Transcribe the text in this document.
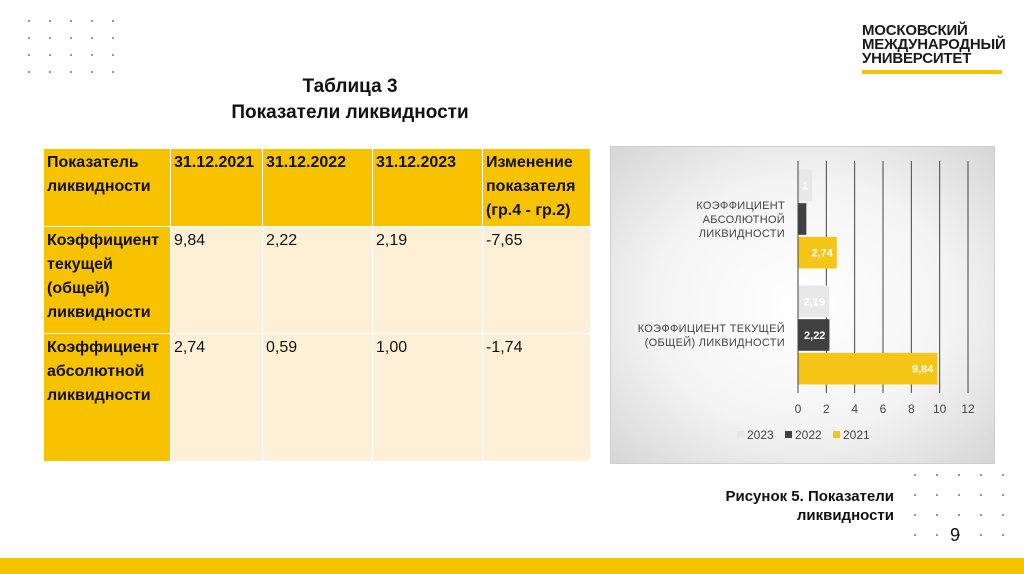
МОСКОВСКИЙ
МЕЖДУНАРОДНЫЙ
УНИВЕРСИТЕТ
Таблица 3
Показатели ликвидности
Показатель ликвидности	31.12.2021	31.12.2022	31.12.2023	Изменение показателя (гр.4 - гр.2)
Коэффициент текущей (общей) ликвидности	9,84	2,22	2,19	-7,65
Коэффициент абсолютной ликвидности	2,74	0,59	1,00	-1,74
0 2 4 6 8 10 12
1
2,74
КОЭФФИЦИЕНТ
АБСОЛЮТНОЙ
ЛИКВИДНОСТИ
2,19
2,22
9,84
КОЭФФИЦИЕНТ ТЕКУЩЕЙ
(ОБЩЕЙ) ЛИКВИДНОСТИ
2023 2022 2021
Рисунок 5. Показатели ликвидности
9
